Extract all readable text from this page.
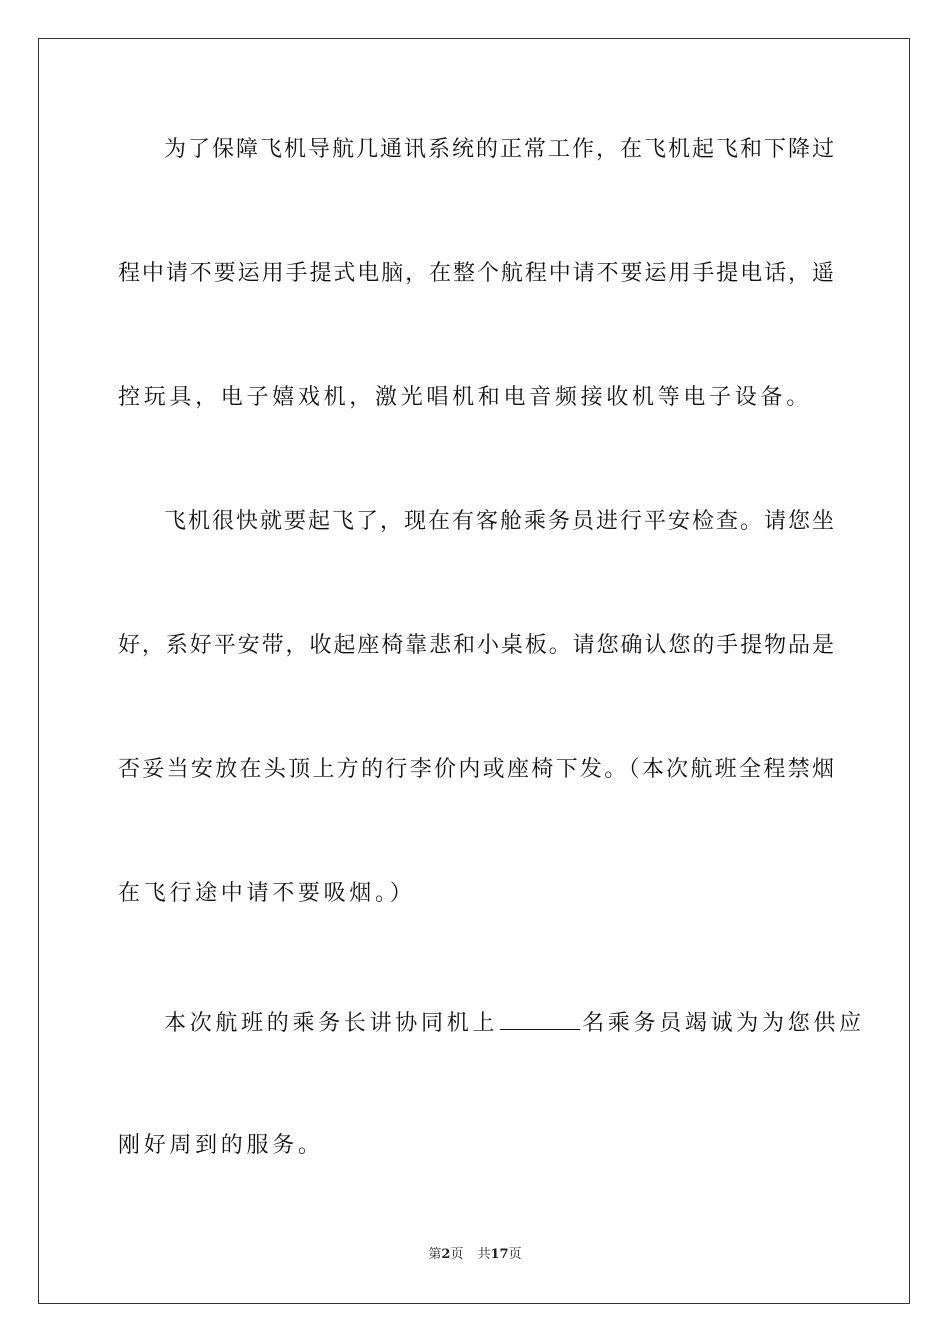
为了保障飞机导航几通讯系统的正常工作，在飞机起飞和下降过
程中请不要运用手提式电脑，在整个航程中请不要运用手提电话，遥
控玩具，电子嬉戏机，激光唱机和电音频接收机等电子设备。
飞机很快就要起飞了，现在有客舱乘务员进行平安检查。请您坐
好，系好平安带，收起座椅靠悲和小桌板。请您确认您的手提物品是
否妥当安放在头顶上方的行李价内或座椅下发。（本次航班全程禁烟
在飞行途中请不要吸烟。）
本次航班的乘务长讲协同机上	名乘务员竭诚为为您供应
刚好周到的服务。
第2页 共17页
